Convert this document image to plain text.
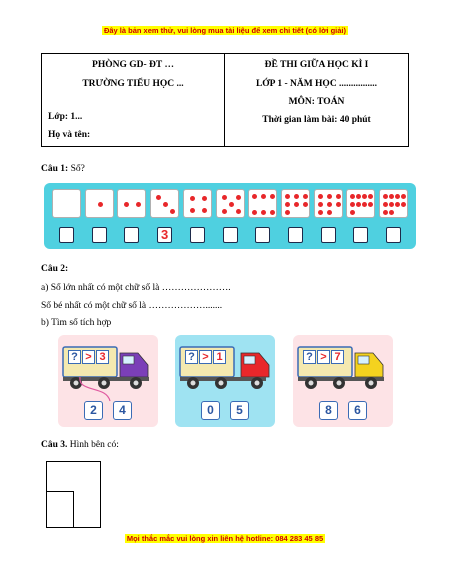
Đây là bản xem thử, vui lòng mua tài liệu để xem chi tiết (có lời giải)
PHÒNG GD- ĐT …
TRƯỜNG TIỂU HỌC ...
Lớp: 1...
Họ và tên:
ĐỀ THI GIỮA HỌC KÌ I
LỚP 1 - NĂM HỌC ................
MÔN: TOÁN
Thời gian làm bài: 40 phút
Câu 1: Số?
3
Câu 2:
a) Số lớn nhất có một chữ số là ………………….
Số bé nhất có một chữ số là ……………….......
b) Tìm số tích hợp
? > 3
2	4
? > 1
0	5
? > 7
8	6
Câu 3. Hình bên có:
Mọi thắc mắc vui lòng xin liên hệ hotline: 084 283 45 85
